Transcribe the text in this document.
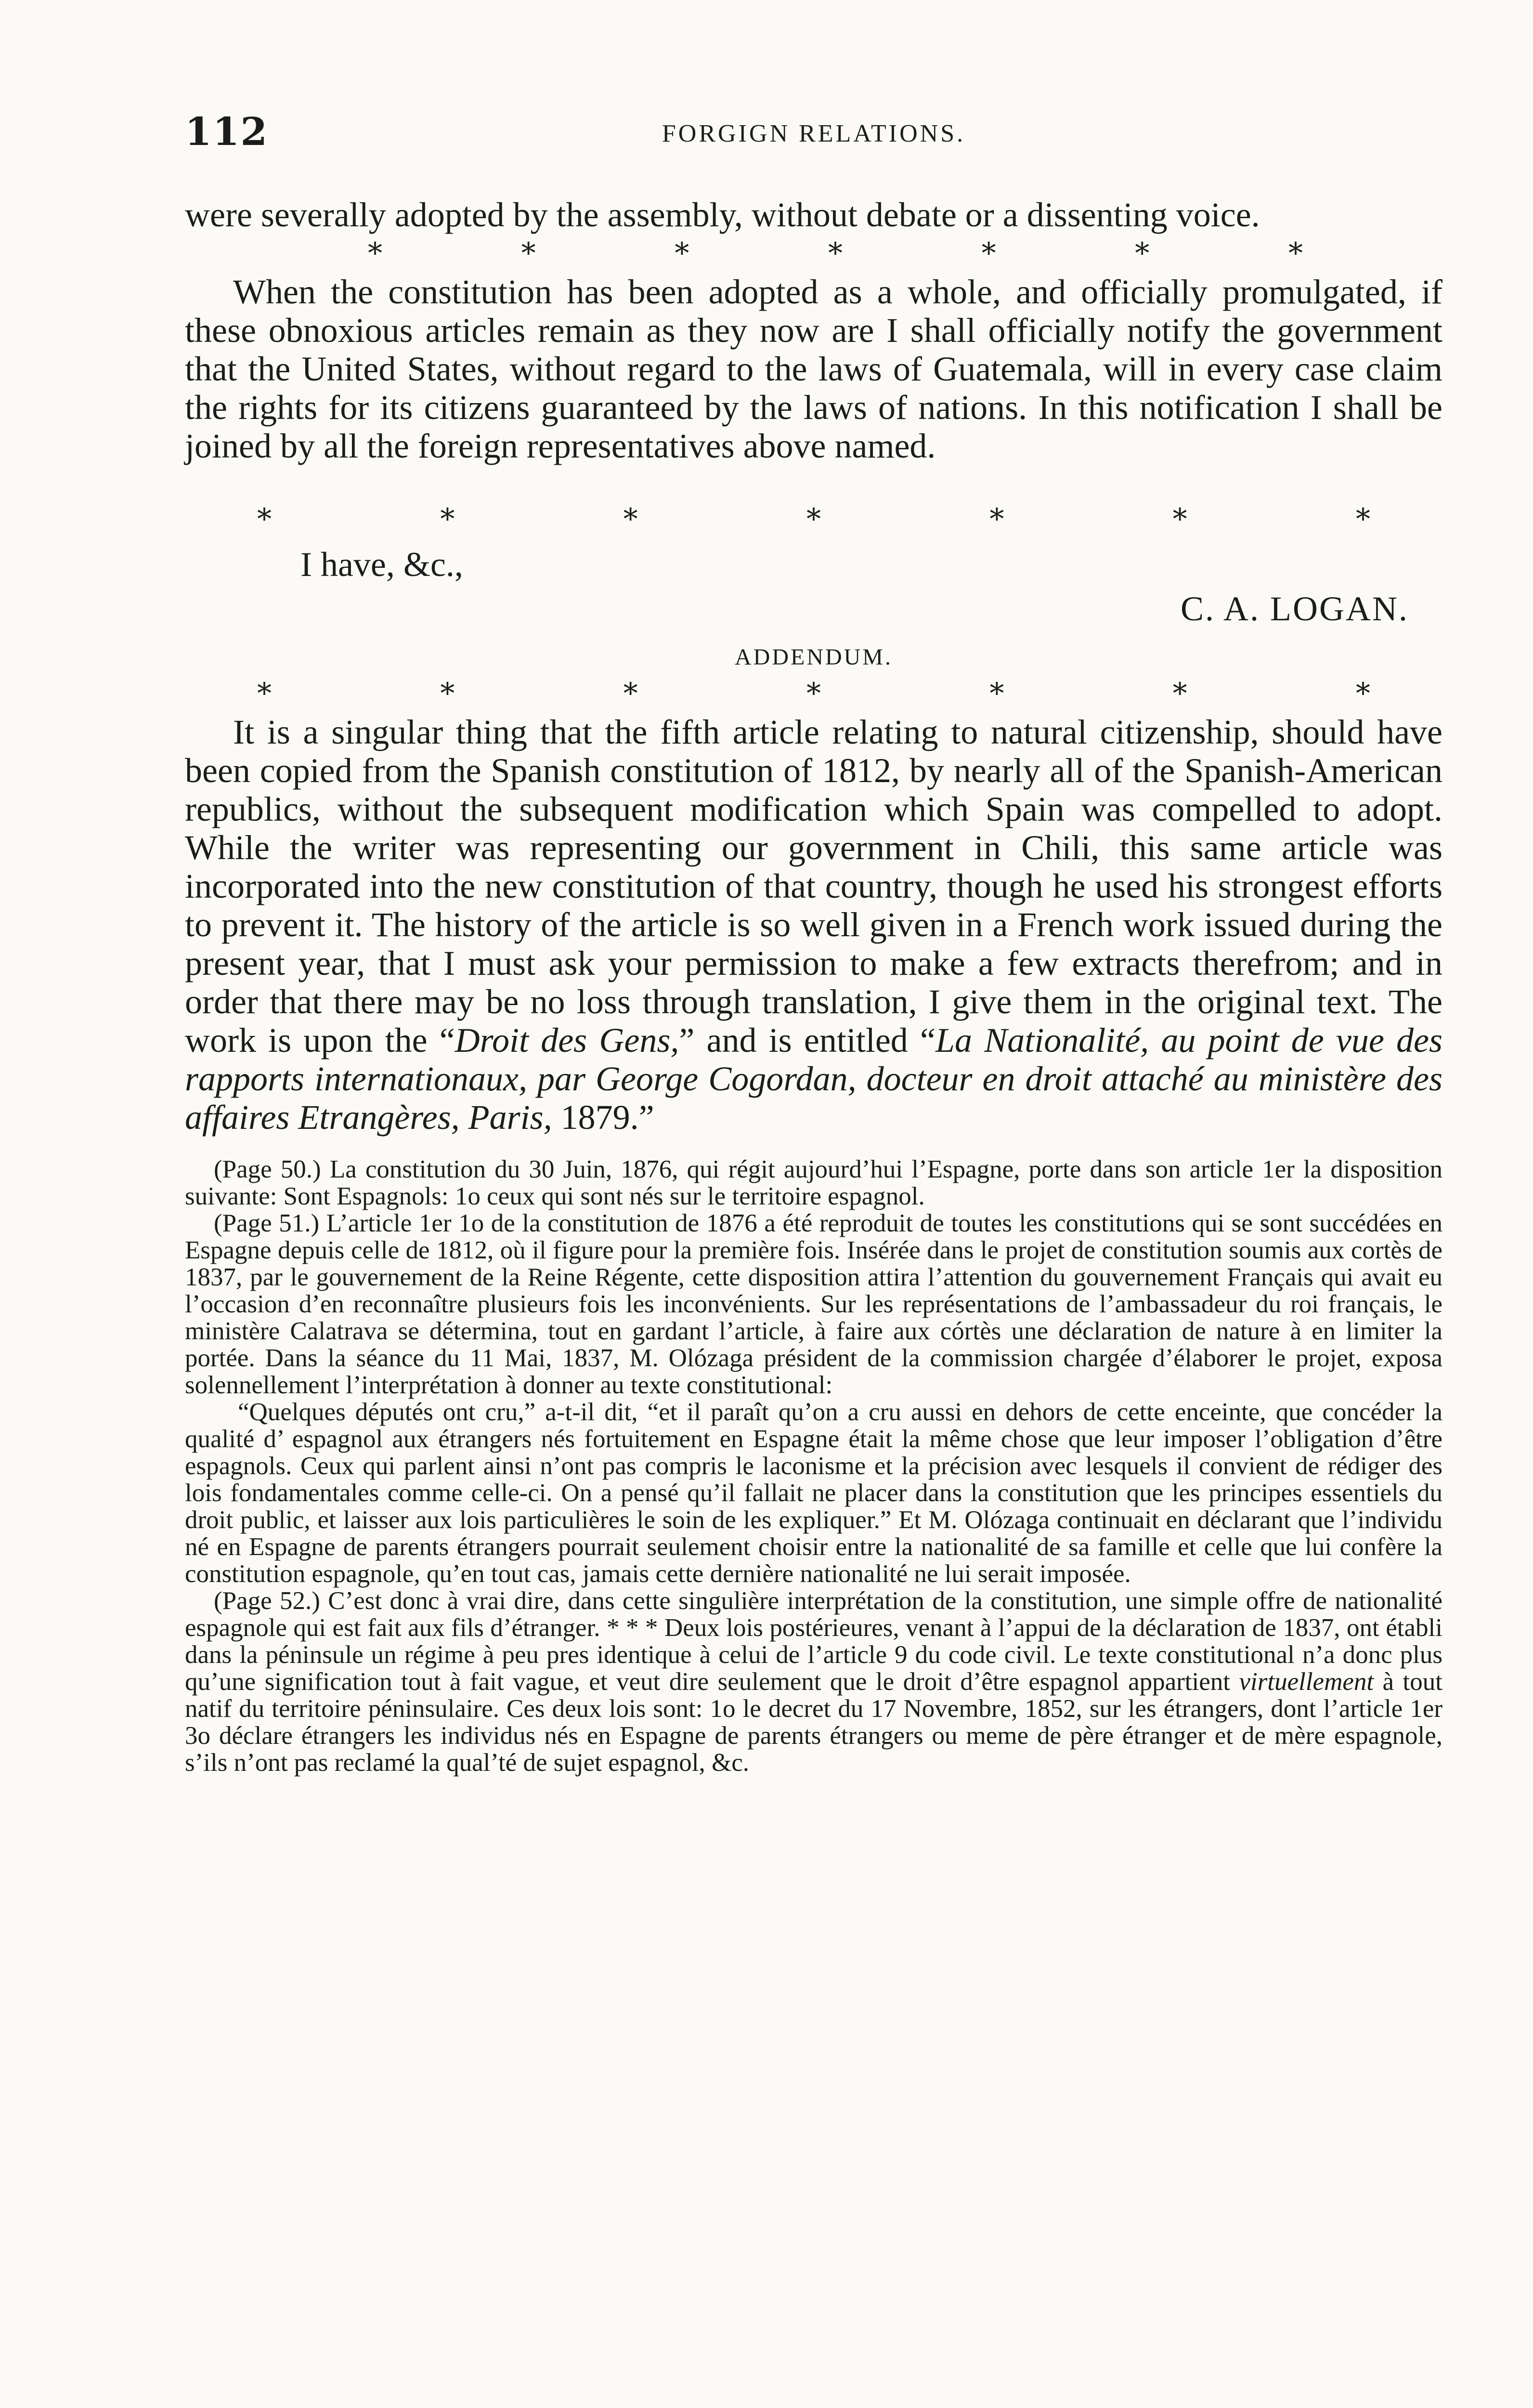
112	FORGIGN RELATIONS.

were severally adopted by the assembly, without debate or a dissenting voice.

*	*	*	*	*	*	*

When the constitution has been adopted as a whole, and officially promulgated, if these obnoxious articles remain as they now are I shall officially notify the government that the United States, without regard to the laws of Guatemala, will in every case claim the rights for its citizens guaranteed by the laws of nations. In this notification I shall be joined by all the foreign representatives above named.

*	*	*	*	*	*	*
I have, &c.,
C. A. LOGAN.
ADDENDUM.
*	*	*	*	*	*	*

It is a singular thing that the fifth article relating to natural citizenship, should have been copied from the Spanish constitution of 1812, by nearly all of the Spanish-American republics, without the subsequent modification which Spain was compelled to adopt. While the writer was representing our government in Chili, this same article was incorporated into the new constitution of that country, though he used his strongest efforts to prevent it. The history of the article is so well given in a French work issued during the present year, that I must ask your permission to make a few extracts therefrom; and in order that there may be no loss through translation, I give them in the original text. The work is upon the “Droit des Gens,” and is entitled “La Nationalité, au point de vue des rapports internationaux, par George Cogordan, docteur en droit attaché au ministère des affaires Etrangères, Paris, 1879.”

(Page 50.) La constitution du 30 Juin, 1876, qui régit aujourd’hui l’Espagne, porte dans son article 1er la disposition suivante: Sont Espagnols: 1o ceux qui sont nés sur le territoire espagnol.

(Page 51.) L’article 1er 1o de la constitution de 1876 a été reproduit de toutes les constitutions qui se sont succédées en Espagne depuis celle de 1812, où il figure pour la première fois. Insérée dans le projet de constitution soumis aux cortès de 1837, par le gouvernement de la Reine Régente, cette disposition attira l’attention du gouvernement Français qui avait eu l’occasion d’en reconnaître plusieurs fois les inconvénients. Sur les représentations de l’ambassadeur du roi français, le ministère Calatrava se détermina, tout en gardant l’article, à faire aux córtès une déclaration de nature à en limiter la portée. Dans la séance du 11 Mai, 1837, M. Olózaga président de la commission chargée d’élaborer le projet, exposa solennellement l’interprétation à donner au texte constitutional:

“Quelques députés ont cru,” a-t-il dit, “et il paraît qu’on a cru aussi en dehors de cette enceinte, que concéder la qualité d’ espagnol aux étrangers nés fortuitement en Espagne était la même chose que leur imposer l’obligation d’être espagnols. Ceux qui parlent ainsi n’ont pas compris le laconisme et la précision avec lesquels il convient de rédiger des lois fondamentales comme celle-ci. On a pensé qu’il fallait ne placer dans la constitution que les principes essentiels du droit public, et laisser aux lois particulières le soin de les expliquer.” Et M. Olózaga continuait en déclarant que l’individu né en Espagne de parents étrangers pourrait seulement choisir entre la nationalité de sa famille et celle que lui confère la constitution espagnole, qu’en tout cas, jamais cette dernière nationalité ne lui serait imposée.

(Page 52.) C’est donc à vrai dire, dans cette singulière interprétation de la constitution, une simple offre de nationalité espagnole qui est fait aux fils d’étranger. * * * Deux lois postérieures, venant à l’appui de la déclaration de 1837, ont établi dans la péninsule un régime à peu pres identique à celui de l’article 9 du code civil. Le texte constitutional n’a donc plus qu’une signification tout à fait vague, et veut dire seulement que le droit d’être espagnol appartient virtuellement à tout natif du territoire péninsulaire. Ces deux lois sont: 1o le decret du 17 Novembre, 1852, sur les étrangers, dont l’article 1er 3o déclare étrangers les individus nés en Espagne de parents étrangers ou meme de père étranger et de mère espagnole, s’ils n’ont pas reclamé la qual’té de sujet espagnol, &c.
